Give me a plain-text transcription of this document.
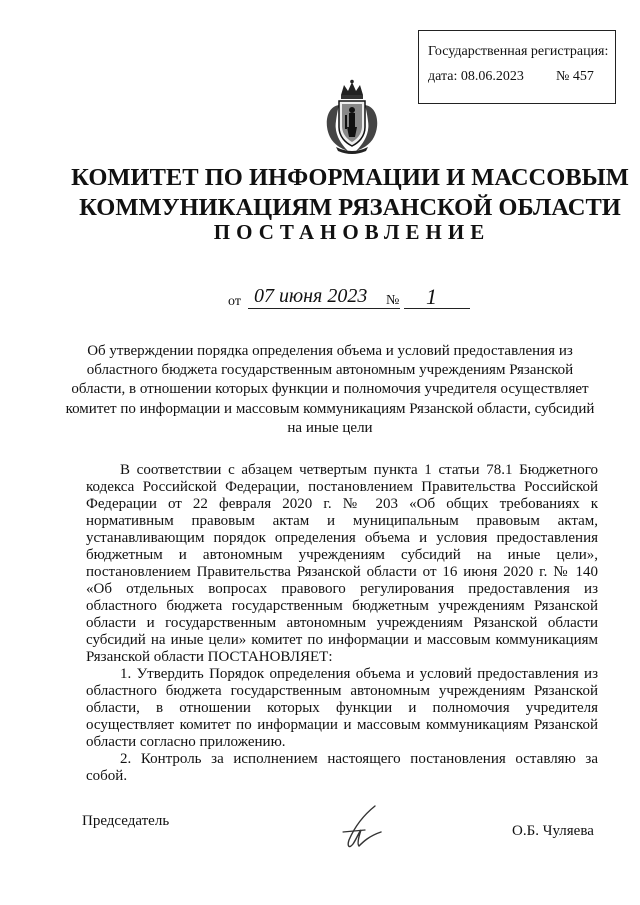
Государственная регистрация:
дата: 08.06.2023 № 457
КОМИТЕТ ПО ИНФОРМАЦИИ И МАССОВЫМ
КОММУНИКАЦИЯМ РЯЗАНСКОЙ ОБЛАСТИ
ПОСТАНОВЛЕНИЕ
от 07 июня 2023	№	1
Об утверждении порядка определения объема и условий предоставления из областного бюджета государственным автономным учреждениям Рязанской области, в отношении которых функции и полномочия учредителя осуществляет комитет по информации и массовым коммуникациям Рязанской области, субсидий на иные цели

В соответствии с абзацем четвертым пункта 1 статьи 78.1 Бюджетного кодекса Российской Федерации, постановлением Правительства Российской Федерации от 22 февраля 2020 г. № 203 «Об общих требованиях к нормативным правовым актам и муниципальным правовым актам, устанавливающим порядок определения объема и условия предоставления бюджетным и автономным учреждениям субсидий на иные цели», постановлением Правительства Рязанской области от 16 июня 2020 г. № 140 «Об отдельных вопросах правового регулирования предоставления из областного бюджета государственным бюджетным учреждениям Рязанской области и государственным автономным учреждениям Рязанской области субсидий на иные цели» комитет по информации и массовым коммуникациям Рязанской области ПОСТАНОВЛЯЕТ:

1. Утвердить Порядок определения объема и условий предоставления из областного бюджета государственным автономным учреждениям Рязанской области, в отношении которых функции и полномочия учредителя осуществляет комитет по информации и массовым коммуникациям Рязанской области согласно приложению.

2. Контроль за исполнением настоящего постановления оставляю за собой.

Председатель
О.Б. Чуляева
